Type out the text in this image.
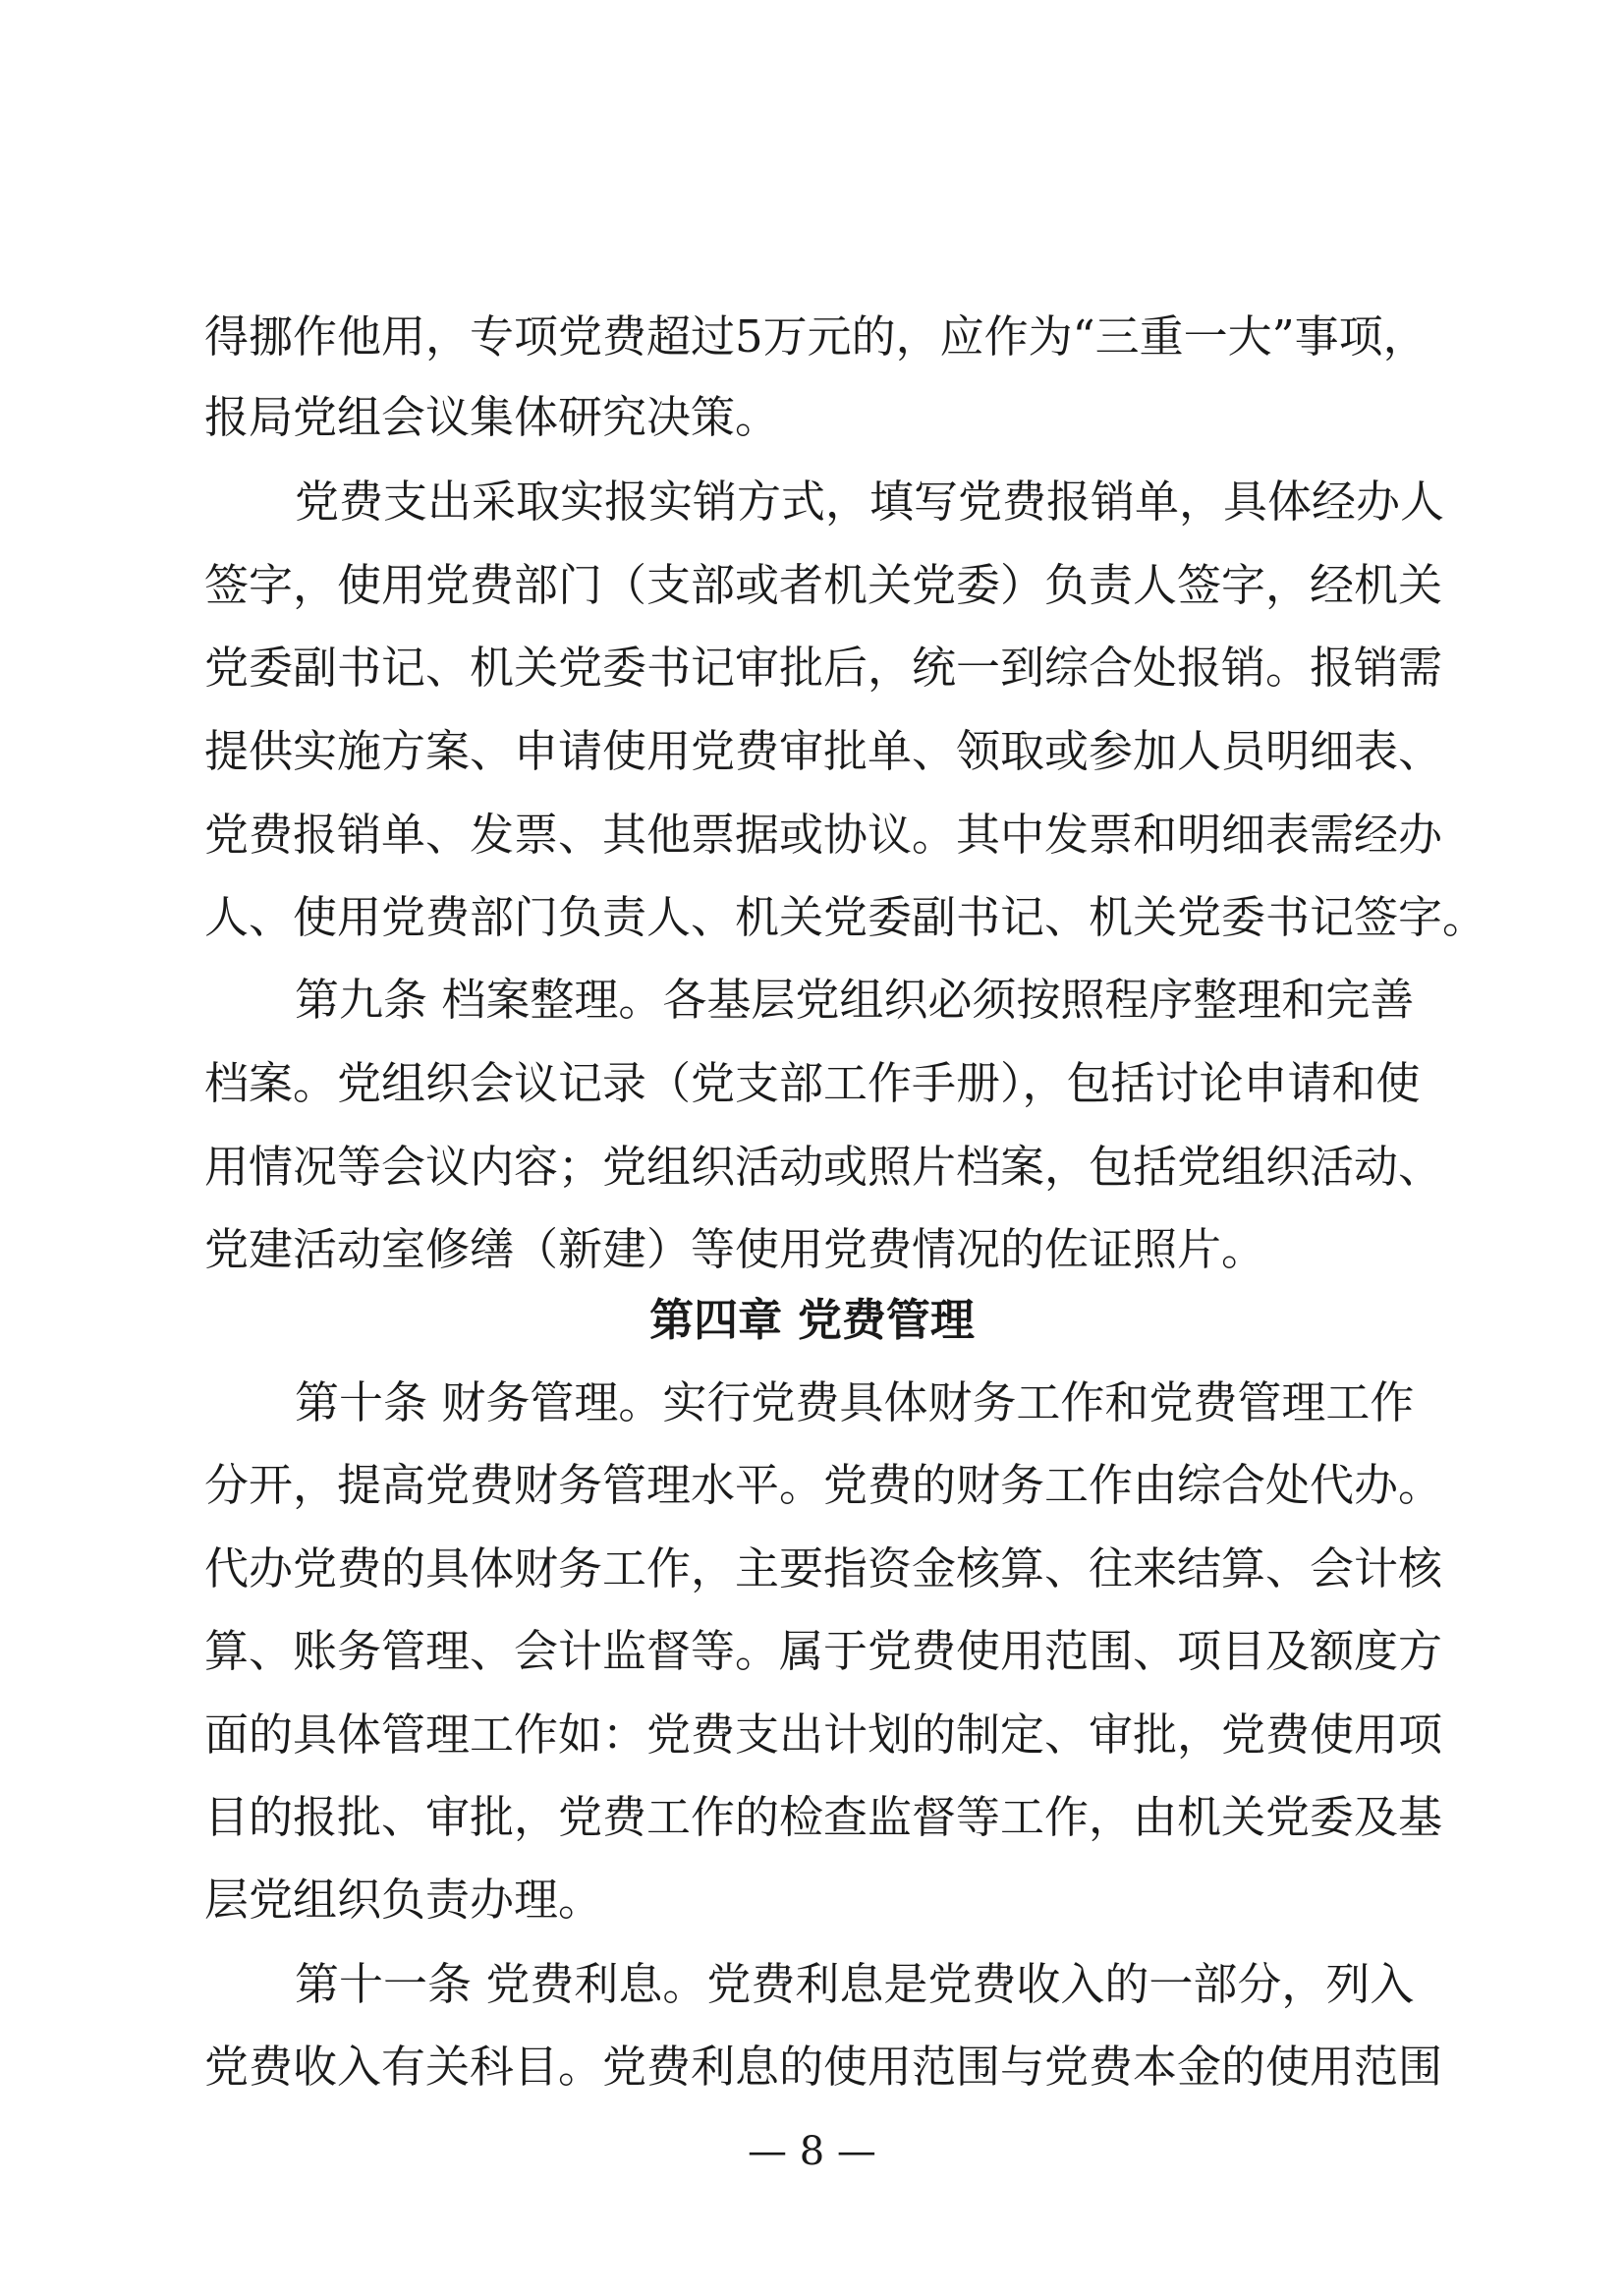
得挪作他用，专项党费超过5万元的，应作为“三重一大”事项，

报局党组会议集体研究决策。

党费支出采取实报实销方式，填写党费报销单，具体经办人

签字，使用党费部门（支部或者机关党委）负责人签字，经机关

党委副书记、机关党委书记审批后，统一到综合处报销。报销需

提供实施方案、申请使用党费审批单、领取或参加人员明细表、

党费报销单、发票、其他票据或协议。其中发票和明细表需经办

人、使用党费部门负责人、机关党委副书记、机关党委书记签字。

第九条 档案整理。各基层党组织必须按照程序整理和完善

档案。党组织会议记录（党支部工作手册），包括讨论申请和使

用情况等会议内容；党组织活动或照片档案，包括党组织活动、

党建活动室修缮（新建）等使用党费情况的佐证照片。

第四章 党费管理

第十条 财务管理。实行党费具体财务工作和党费管理工作

分开，提高党费财务管理水平。党费的财务工作由综合处代办。

代办党费的具体财务工作，主要指资金核算、往来结算、会计核

算、账务管理、会计监督等。属于党费使用范围、项目及额度方

面的具体管理工作如：党费支出计划的制定、审批，党费使用项

目的报批、审批，党费工作的检查监督等工作，由机关党委及基

层党组织负责办理。

第十一条 党费利息。党费利息是党费收入的一部分，列入

党费收入有关科目。党费利息的使用范围与党费本金的使用范围

— 8 —
